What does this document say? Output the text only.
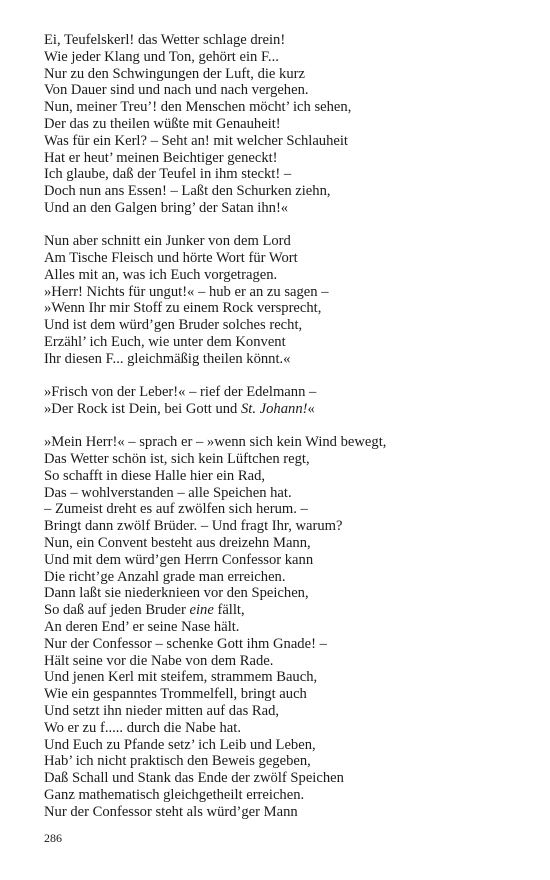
Ei, Teufelskerl! das Wetter schlage drein!
Wie jeder Klang und Ton, gehört ein F...
Nur zu den Schwingungen der Luft, die kurz
Von Dauer sind und nach und nach vergehen.
Nun, meiner Treu’! den Menschen möcht’ ich sehen,
Der das zu theilen wüßte mit Genauheit!
Was für ein Kerl? – Seht an! mit welcher Schlauheit
Hat er heut’ meinen Beichtiger geneckt!
Ich glaube, daß der Teufel in ihm steckt! –
Doch nun ans Essen! – Laßt den Schurken ziehn,
Und an den Galgen bring’ der Satan ihn!«
Nun aber schnitt ein Junker von dem Lord
Am Tische Fleisch und hörte Wort für Wort
Alles mit an, was ich Euch vorgetragen.
»Herr! Nichts für ungut!« – hub er an zu sagen –
»Wenn Ihr mir Stoff zu einem Rock versprecht,
Und ist dem würd’gen Bruder solches recht,
Erzähl’ ich Euch, wie unter dem Konvent
Ihr diesen F... gleichmäßig theilen könnt.«
»Frisch von der Leber!« – rief der Edelmann –
»Der Rock ist Dein, bei Gott und St. Johann!«
»Mein Herr!« – sprach er – »wenn sich kein Wind bewegt,
Das Wetter schön ist, sich kein Lüftchen regt,
So schafft in diese Halle hier ein Rad,
Das – wohlverstanden – alle Speichen hat.
– Zumeist dreht es auf zwölfen sich herum. –
Bringt dann zwölf Brüder. – Und fragt Ihr, warum?
Nun, ein Convent besteht aus dreizehn Mann,
Und mit dem würd’gen Herrn Confessor kann
Die richt’ge Anzahl grade man erreichen.
Dann laßt sie niederknieen vor den Speichen,
So daß auf jeden Bruder eine fällt,
An deren End’ er seine Nase hält.
Nur der Confessor – schenke Gott ihm Gnade! –
Hält seine vor die Nabe von dem Rade.
Und jenen Kerl mit steifem, strammem Bauch,
Wie ein gespanntes Trommelfell, bringt auch
Und setzt ihn nieder mitten auf das Rad,
Wo er zu f..... durch die Nabe hat.
Und Euch zu Pfande setz’ ich Leib und Leben,
Hab’ ich nicht praktisch den Beweis gegeben,
Daß Schall und Stank das Ende der zwölf Speichen
Ganz mathematisch gleichgetheilt erreichen.
Nur der Confessor steht als würd’ger Mann
286
